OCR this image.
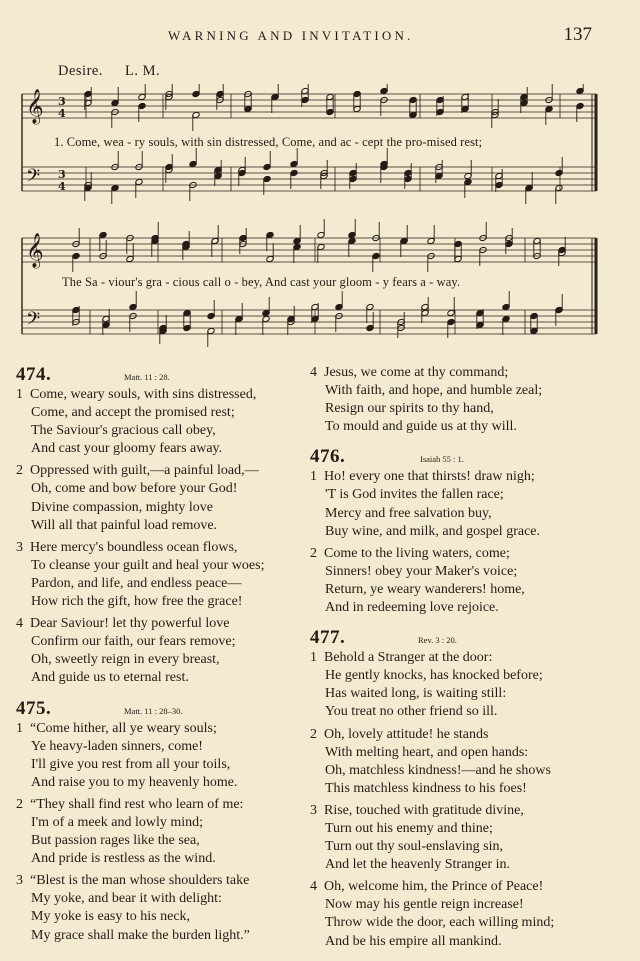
WARNING AND INVITATION.	137
Desire. L. M.
𝄞
𝄞
𝄢
𝄢
3
4
3
4
1. Come, wea - ry souls, with sin distressed, Come, and ac - cept the pro-mised rest;
The Sa - viour's gra - cious call o - bey, And cast your gloom - y fears a - way.
474.	Matt. 11 : 28.
1 Come, weary souls, with sins distressed,
Come, and accept the promised rest;
The Saviour's gracious call obey,
And cast your gloomy fears away.
2 Oppressed with guilt,—a painful load,—
Oh, come and bow before your God!
Divine compassion, mighty love
Will all that painful load remove.
3 Here mercy's boundless ocean flows,
To cleanse your guilt and heal your woes;
Pardon, and life, and endless peace—
How rich the gift, how free the grace!
4 Dear Saviour! let thy powerful love
Confirm our faith, our fears remove;
Oh, sweetly reign in every breast,
And guide us to eternal rest.
475.	Matt. 11 : 28–30.
1 “Come hither, all ye weary souls;
Ye heavy-laden sinners, come!
I'll give you rest from all your toils,
And raise you to my heavenly home.
2 “They shall find rest who learn of me:
I'm of a meek and lowly mind;
But passion rages like the sea,
And pride is restless as the wind.
3 “Blest is the man whose shoulders take
My yoke, and bear it with delight:
My yoke is easy to his neck,
My grace shall make the burden light.”
4 Jesus, we come at thy command;
With faith, and hope, and humble zeal;
Resign our spirits to thy hand,
To mould and guide us at thy will.
476.	Isaiah 55 : 1.
1 Ho! every one that thirsts! draw nigh;
'T is God invites the fallen race;
Mercy and free salvation buy,
Buy wine, and milk, and gospel grace.
2 Come to the living waters, come;
Sinners! obey your Maker's voice;
Return, ye weary wanderers! home,
And in redeeming love rejoice.
477.	Rev. 3 : 20.
1 Behold a Stranger at the door:
He gently knocks, has knocked before;
Has waited long, is waiting still:
You treat no other friend so ill.
2 Oh, lovely attitude! he stands
With melting heart, and open hands:
Oh, matchless kindness!—and he shows
This matchless kindness to his foes!
3 Rise, touched with gratitude divine,
Turn out his enemy and thine;
Turn out thy soul-enslaving sin,
And let the heavenly Stranger in.
4 Oh, welcome him, the Prince of Peace!
Now may his gentle reign increase!
Throw wide the door, each willing mind;
And be his empire all mankind.
